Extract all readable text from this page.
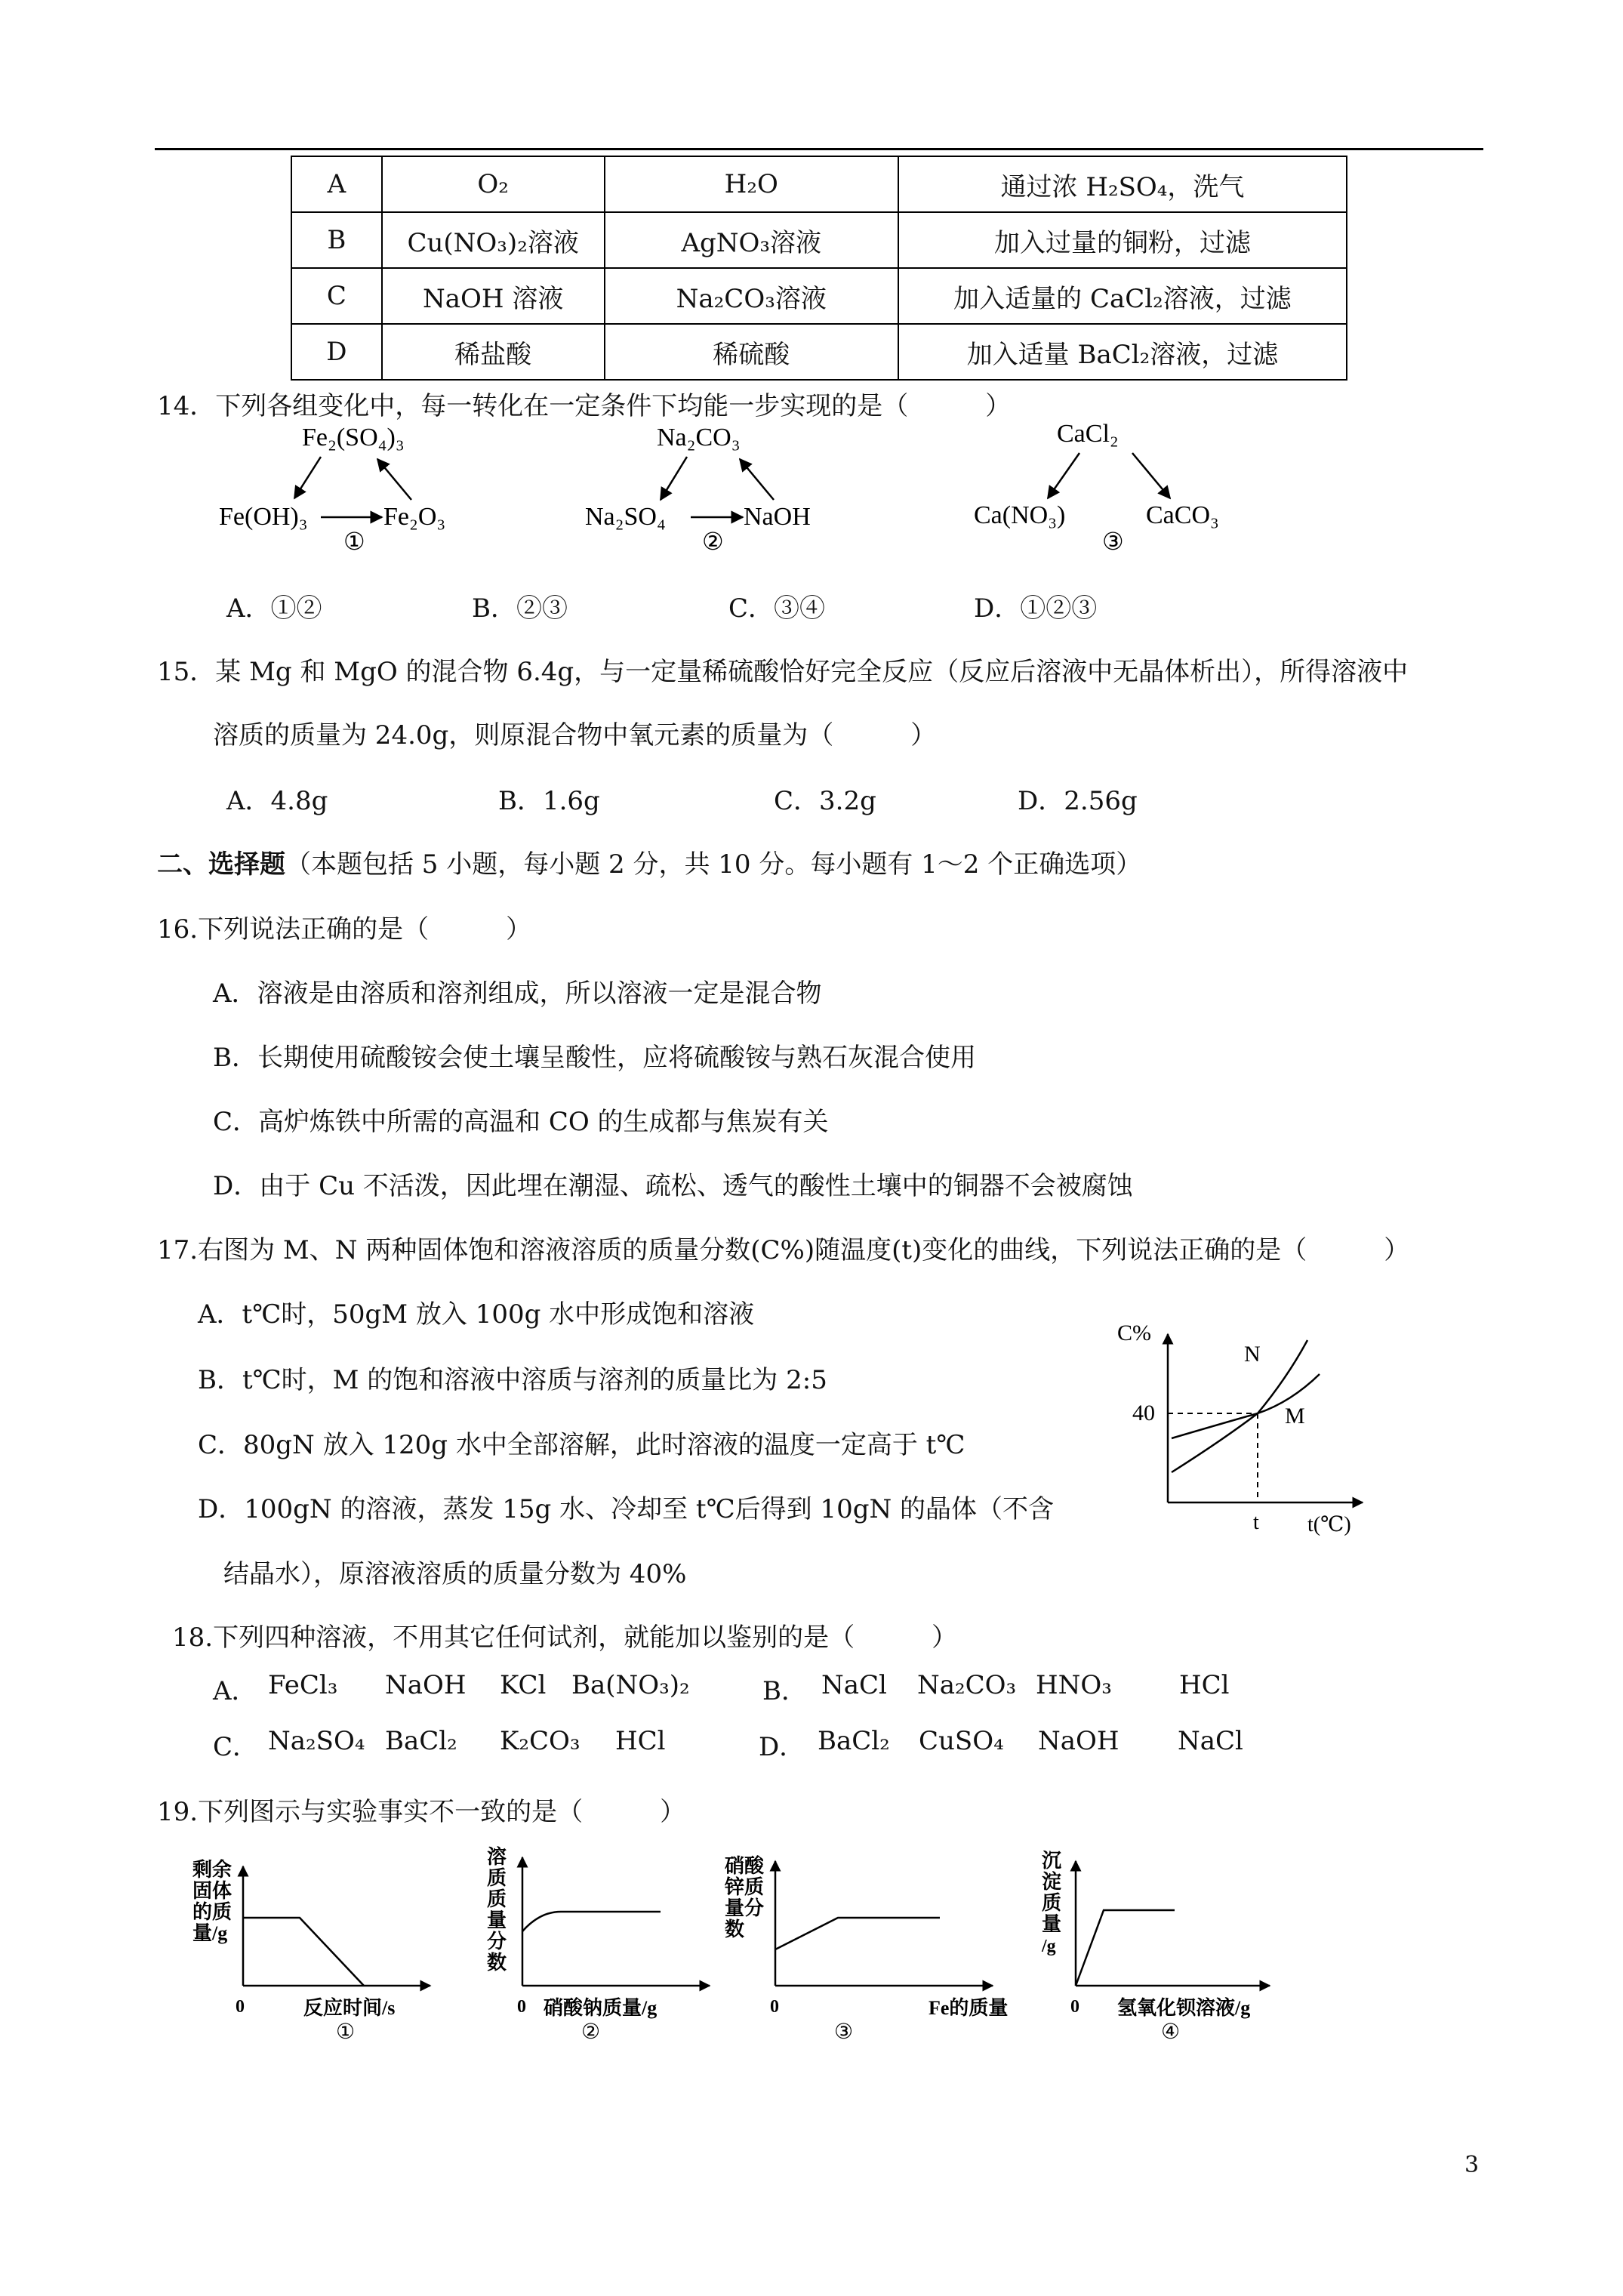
A	O₂	H₂O	通过浓 H₂SO₄，洗气
B	Cu(NO₃)₂溶液	AgNO₃溶液	加入过量的铜粉，过滤
C	NaOH 溶液	Na₂CO₃溶液	加入适量的 CaCl₂溶液，过滤
D	稀盐酸	稀硫酸	加入适量 BaCl₂溶液，过滤
14．下列各组变化中，每一转化在一定条件下均能一步实现的是（　　　）
Fe₂(SO₄)₃
Fe(OH)₃	Fe₂O₃
①
Na₂CO₃
Na₂SO₄	NaOH
②
CaCl₂
Ca(NO₃)	CaCO₃
③
A．①②	B．②③	C．③④	D．①②③
15．某 Mg 和 MgO 的混合物 6.4g，与一定量稀硫酸恰好完全反应（反应后溶液中无晶体析出），所得溶液中
溶质的质量为 24.0g，则原混合物中氧元素的质量为（　　　）
A．4.8g	B．1.6g	C．3.2g	D．2.56g
二、选择题（本题包括 5 小题，每小题 2 分，共 10 分。每小题有 1～2 个正确选项）
16.下列说法正确的是（　　　）
A．溶液是由溶质和溶剂组成，所以溶液一定是混合物
B．长期使用硫酸铵会使土壤呈酸性，应将硫酸铵与熟石灰混合使用
C．高炉炼铁中所需的高温和 CO 的生成都与焦炭有关
D．由于 Cu 不活泼，因此埋在潮湿、疏松、透气的酸性土壤中的铜器不会被腐蚀
17.右图为 M、N 两种固体饱和溶液溶质的质量分数(C%)随温度(t)变化的曲线，下列说法正确的是（　　　）
A．t℃时，50gM 放入 100g 水中形成饱和溶液
B．t℃时，M 的饱和溶液中溶质与溶剂的质量比为 2:5
C．80gN 放入 120g 水中全部溶解，此时溶液的温度一定高于 t℃
D．100gN 的溶液，蒸发 15g 水、冷却至 t℃后得到 10gN 的晶体（不含
结晶水），原溶液溶质的质量分数为 40%
C%
t(℃)
40
t
N
M
18.下列四种溶液，不用其它任何试剂，就能加以鉴别的是（　　　）
A． FeCl₃ NaOH KCl Ba(NO₃)₂	B． NaCl Na₂CO₃ HNO₃	HCl
C． Na₂SO₄ BaCl₂ K₂CO₃ HCl	D． BaCl₂ CuSO₄ NaOH NaCl
19.下列图示与实验事实不一致的是（　　　）
剩余
固体
的质
量/g
0	反应时间/s
①
溶
质
质
量
分
数
0 硝酸钠质量/g
②
硝酸
锌质
量分
数
0	Fe的质量
③
沉
淀
质
量
/g
0 氢氧化钡溶液/g
④
3
